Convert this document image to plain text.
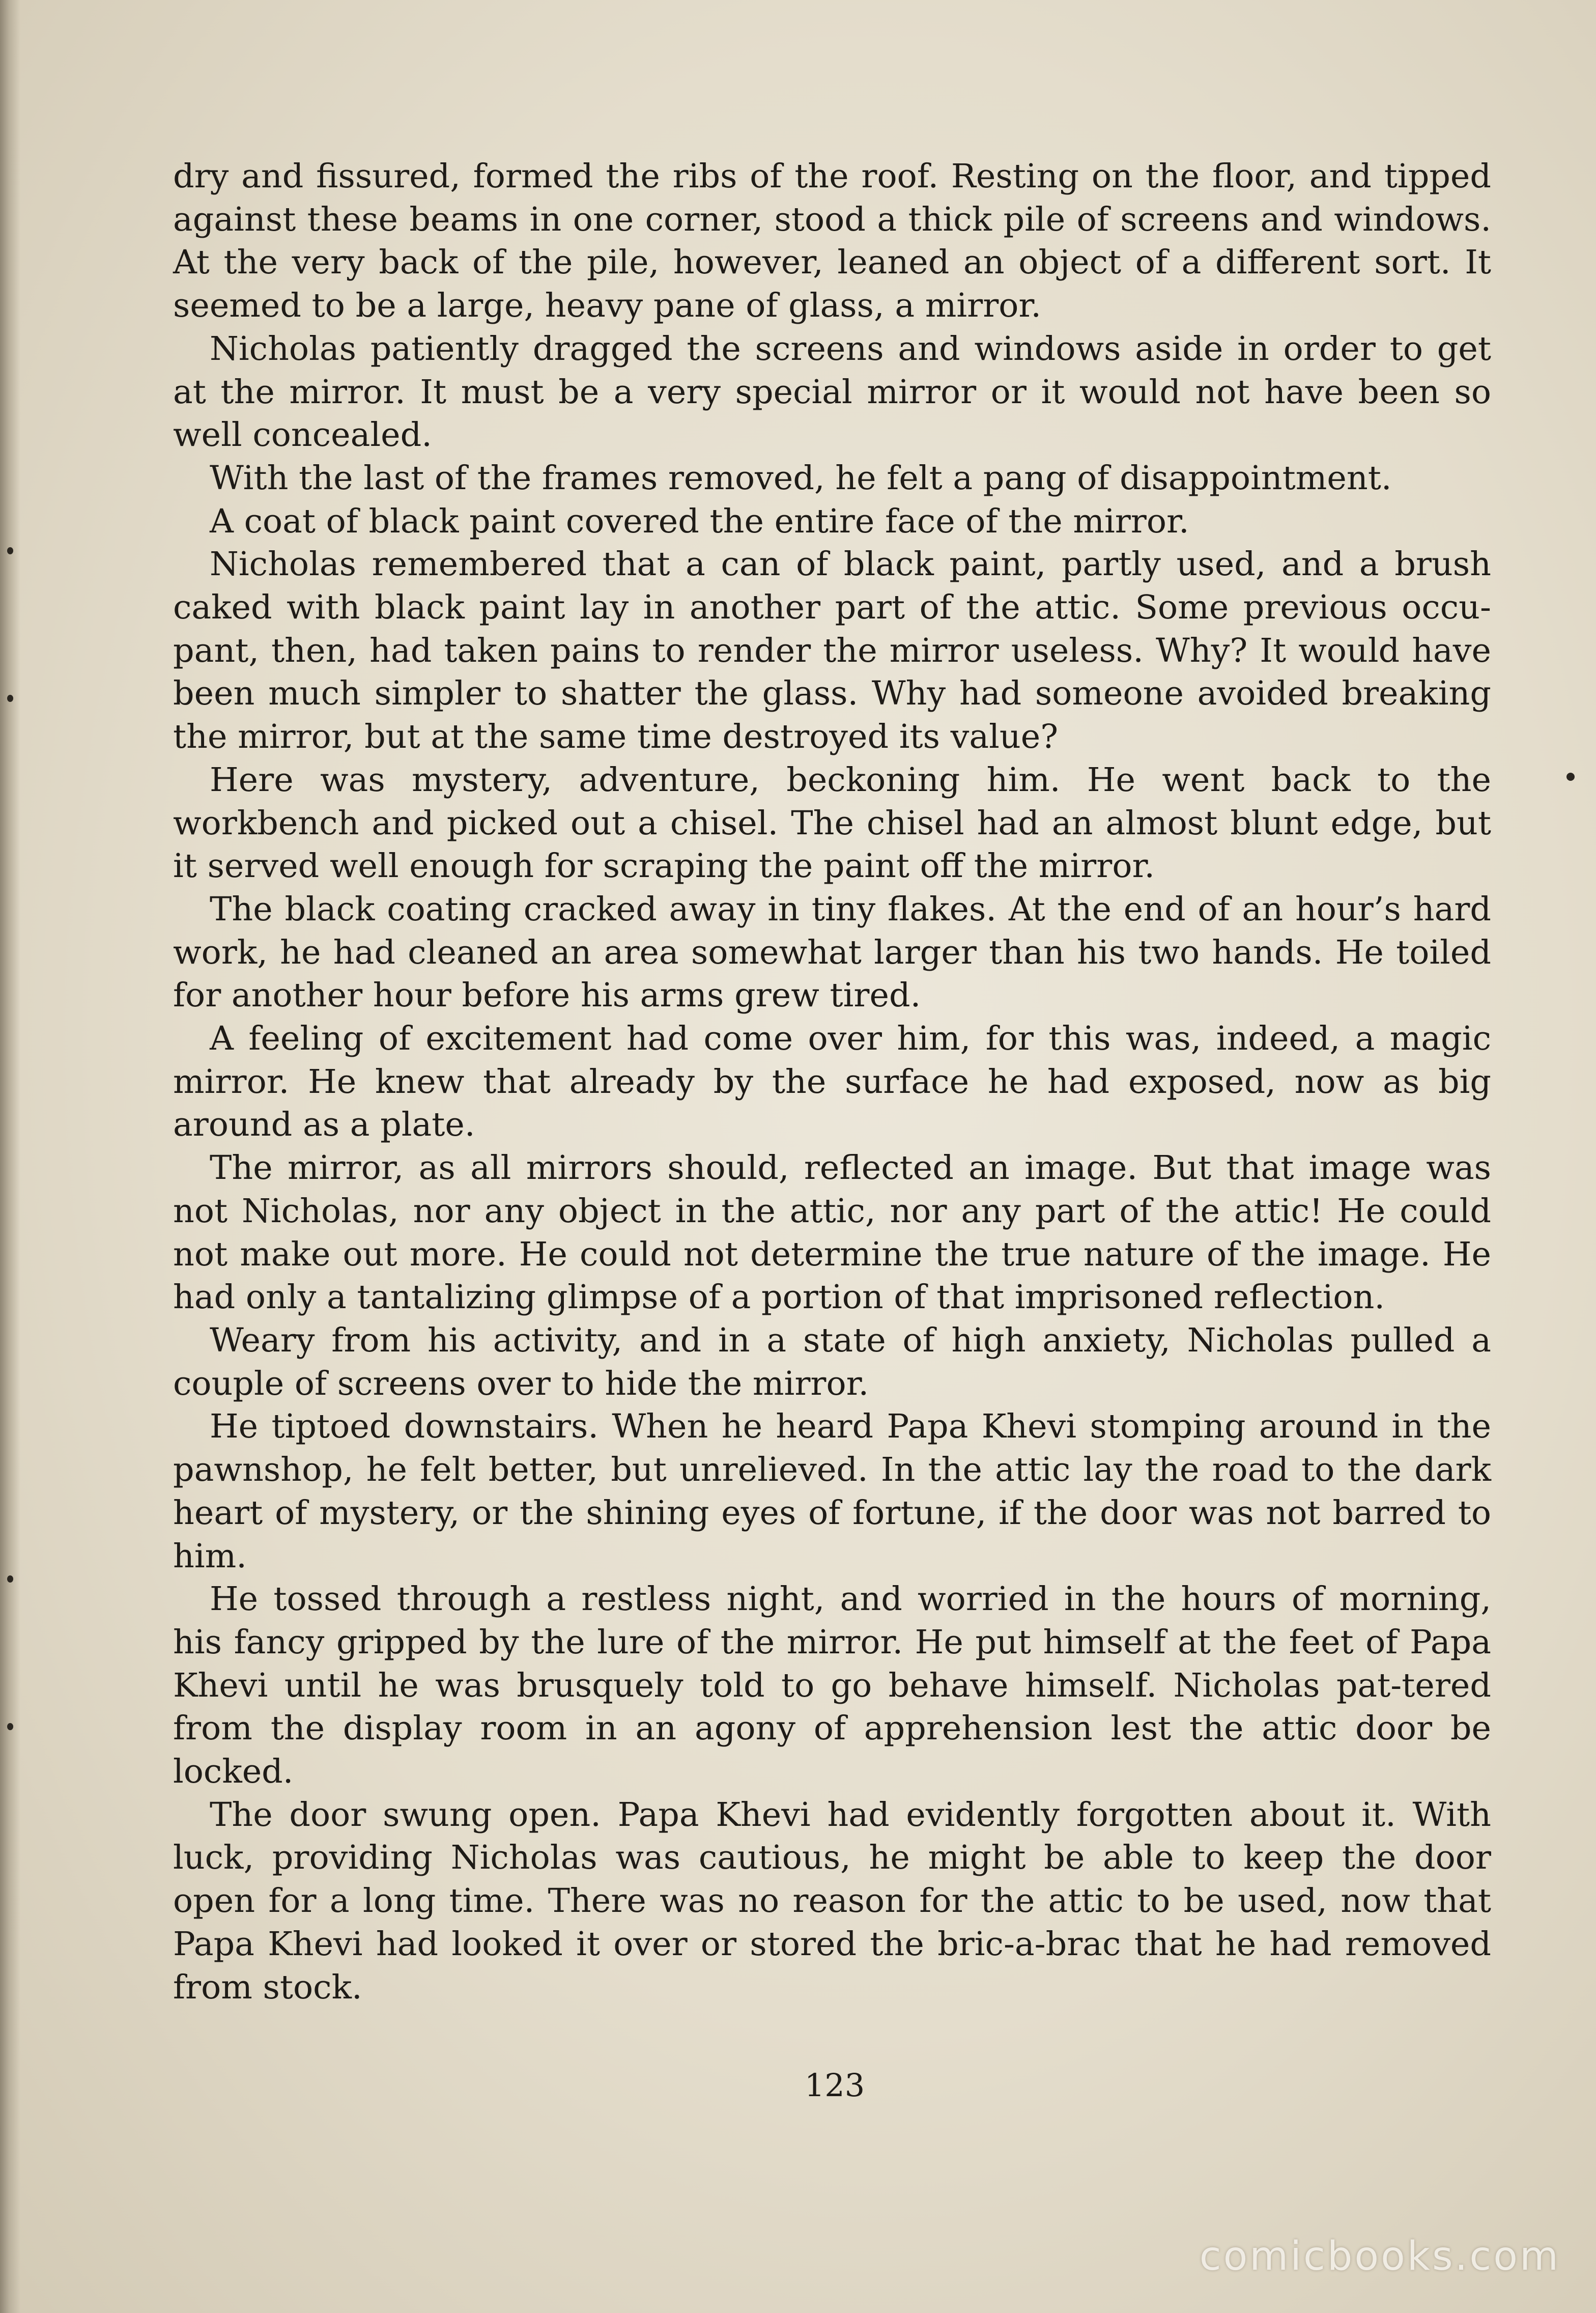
dry and fissured, formed the ribs of the roof. Resting on the floor, and tipped against these beams in one corner, stood a thick pile of screens and windows. At the very back of the pile, however, leaned an object of a different sort. It seemed to be a large, heavy pane of glass, a mirror.

Nicholas patiently dragged the screens and windows aside in order to get at the mirror. It must be a very special mirror or it would not have been so well concealed.

With the last of the frames removed, he felt a pang of disappointment.

A coat of black paint covered the entire face of the mirror.

Nicholas remembered that a can of black paint, partly used, and a brush caked with black paint lay in another part of the attic. Some previous occu-pant, then, had taken pains to render the mirror useless. Why? It would have been much simpler to shatter the glass. Why had someone avoided breaking the mirror, but at the same time destroyed its value?

Here was mystery, adventure, beckoning him. He went back to the workbench and picked out a chisel. The chisel had an almost blunt edge, but it served well enough for scraping the paint off the mirror.

The black coating cracked away in tiny flakes. At the end of an hour’s hard work, he had cleaned an area somewhat larger than his two hands. He toiled for another hour before his arms grew tired.

A feeling of excitement had come over him, for this was, indeed, a magic mirror. He knew that already by the surface he had exposed, now as big around as a plate.

The mirror, as all mirrors should, reflected an image. But that image was not Nicholas, nor any object in the attic, nor any part of the attic! He could not make out more. He could not determine the true nature of the image. He had only a tantalizing glimpse of a portion of that imprisoned reflection.

Weary from his activity, and in a state of high anxiety, Nicholas pulled a couple of screens over to hide the mirror.

He tiptoed downstairs. When he heard Papa Khevi stomping around in the pawnshop, he felt better, but unrelieved. In the attic lay the road to the dark heart of mystery, or the shining eyes of fortune, if the door was not barred to him.

He tossed through a restless night, and worried in the hours of morning, his fancy gripped by the lure of the mirror. He put himself at the feet of Papa Khevi until he was brusquely told to go behave himself. Nicholas pat-tered from the display room in an agony of apprehension lest the attic door be locked.

The door swung open. Papa Khevi had evidently forgotten about it. With luck, providing Nicholas was cautious, he might be able to keep the door open for a long time. There was no reason for the attic to be used, now that Papa Khevi had looked it over or stored the bric-a-brac that he had removed from stock.

123
comicbooks.com
